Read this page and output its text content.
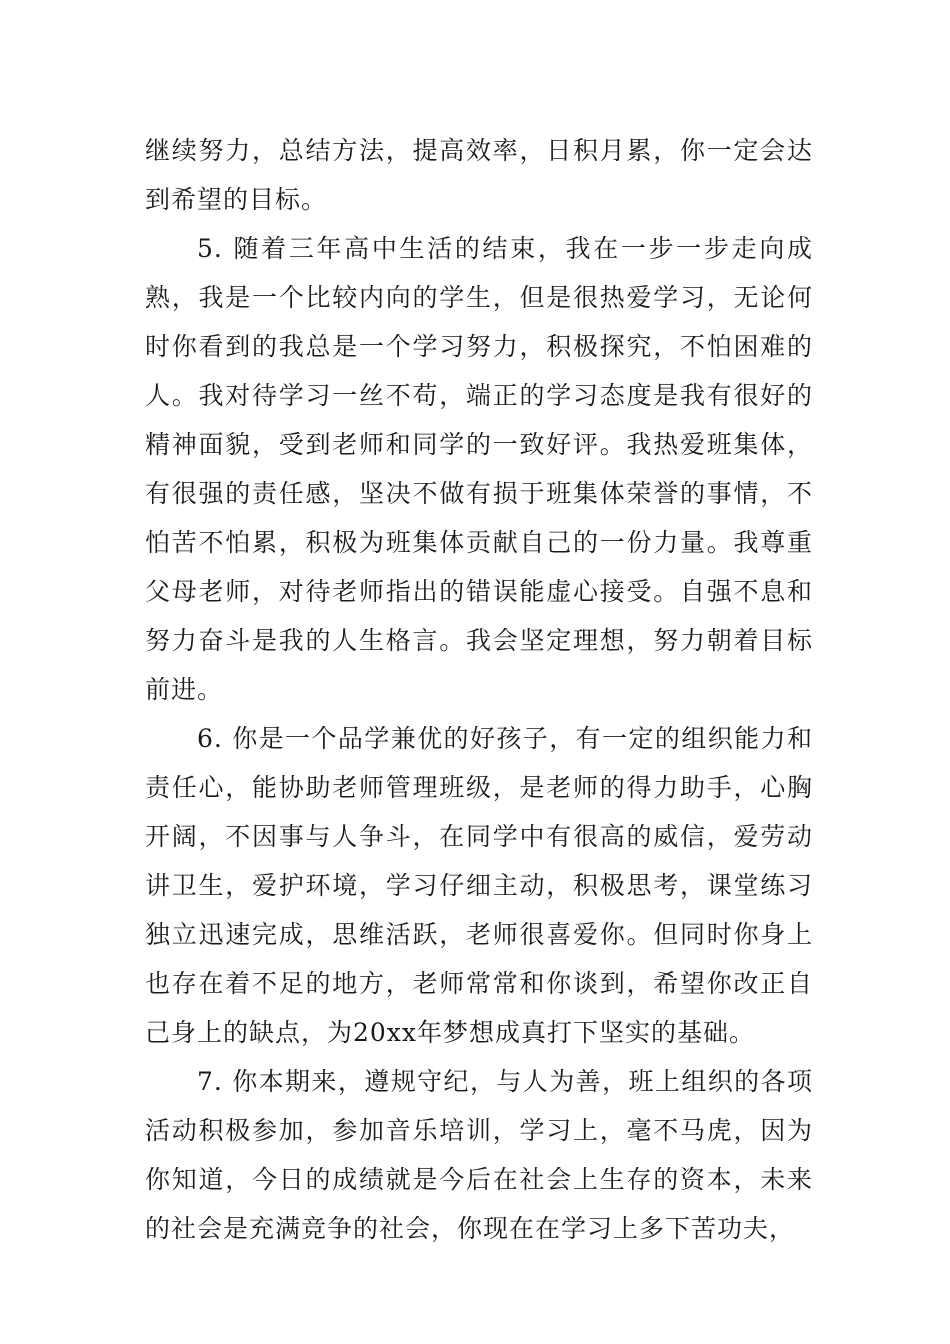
继续努力，总结方法，提高效率，日积月累，你一定会达到希望的目标。

5. 随着三年高中生活的结束，我在一步一步走向成熟，我是一个比较内向的学生，但是很热爱学习，无论何时你看到的我总是一个学习努力，积极探究，不怕困难的人。我对待学习一丝不苟，端正的学习态度是我有很好的精神面貌，受到老师和同学的一致好评。我热爱班集体，有很强的责任感，坚决不做有损于班集体荣誉的事情，不怕苦不怕累，积极为班集体贡献自己的一份力量。我尊重父母老师，对待老师指出的错误能虚心接受。自强不息和努力奋斗是我的人生格言。我会坚定理想，努力朝着目标前进。

6. 你是一个品学兼优的好孩子，有一定的组织能力和责任心，能协助老师管理班级，是老师的得力助手，心胸开阔，不因事与人争斗，在同学中有很高的威信，爱劳动讲卫生，爱护环境，学习仔细主动，积极思考，课堂练习独立迅速完成，思维活跃，老师很喜爱你。但同时你身上也存在着不足的地方，老师常常和你谈到，希望你改正自己身上的缺点，为20xx年梦想成真打下坚实的基础。

7. 你本期来，遵规守纪，与人为善，班上组织的各项活动积极参加，参加音乐培训，学习上，毫不马虎，因为你知道，今日的成绩就是今后在社会上生存的资本，未来的社会是充满竞争的社会，你现在在学习上多下苦功夫，
